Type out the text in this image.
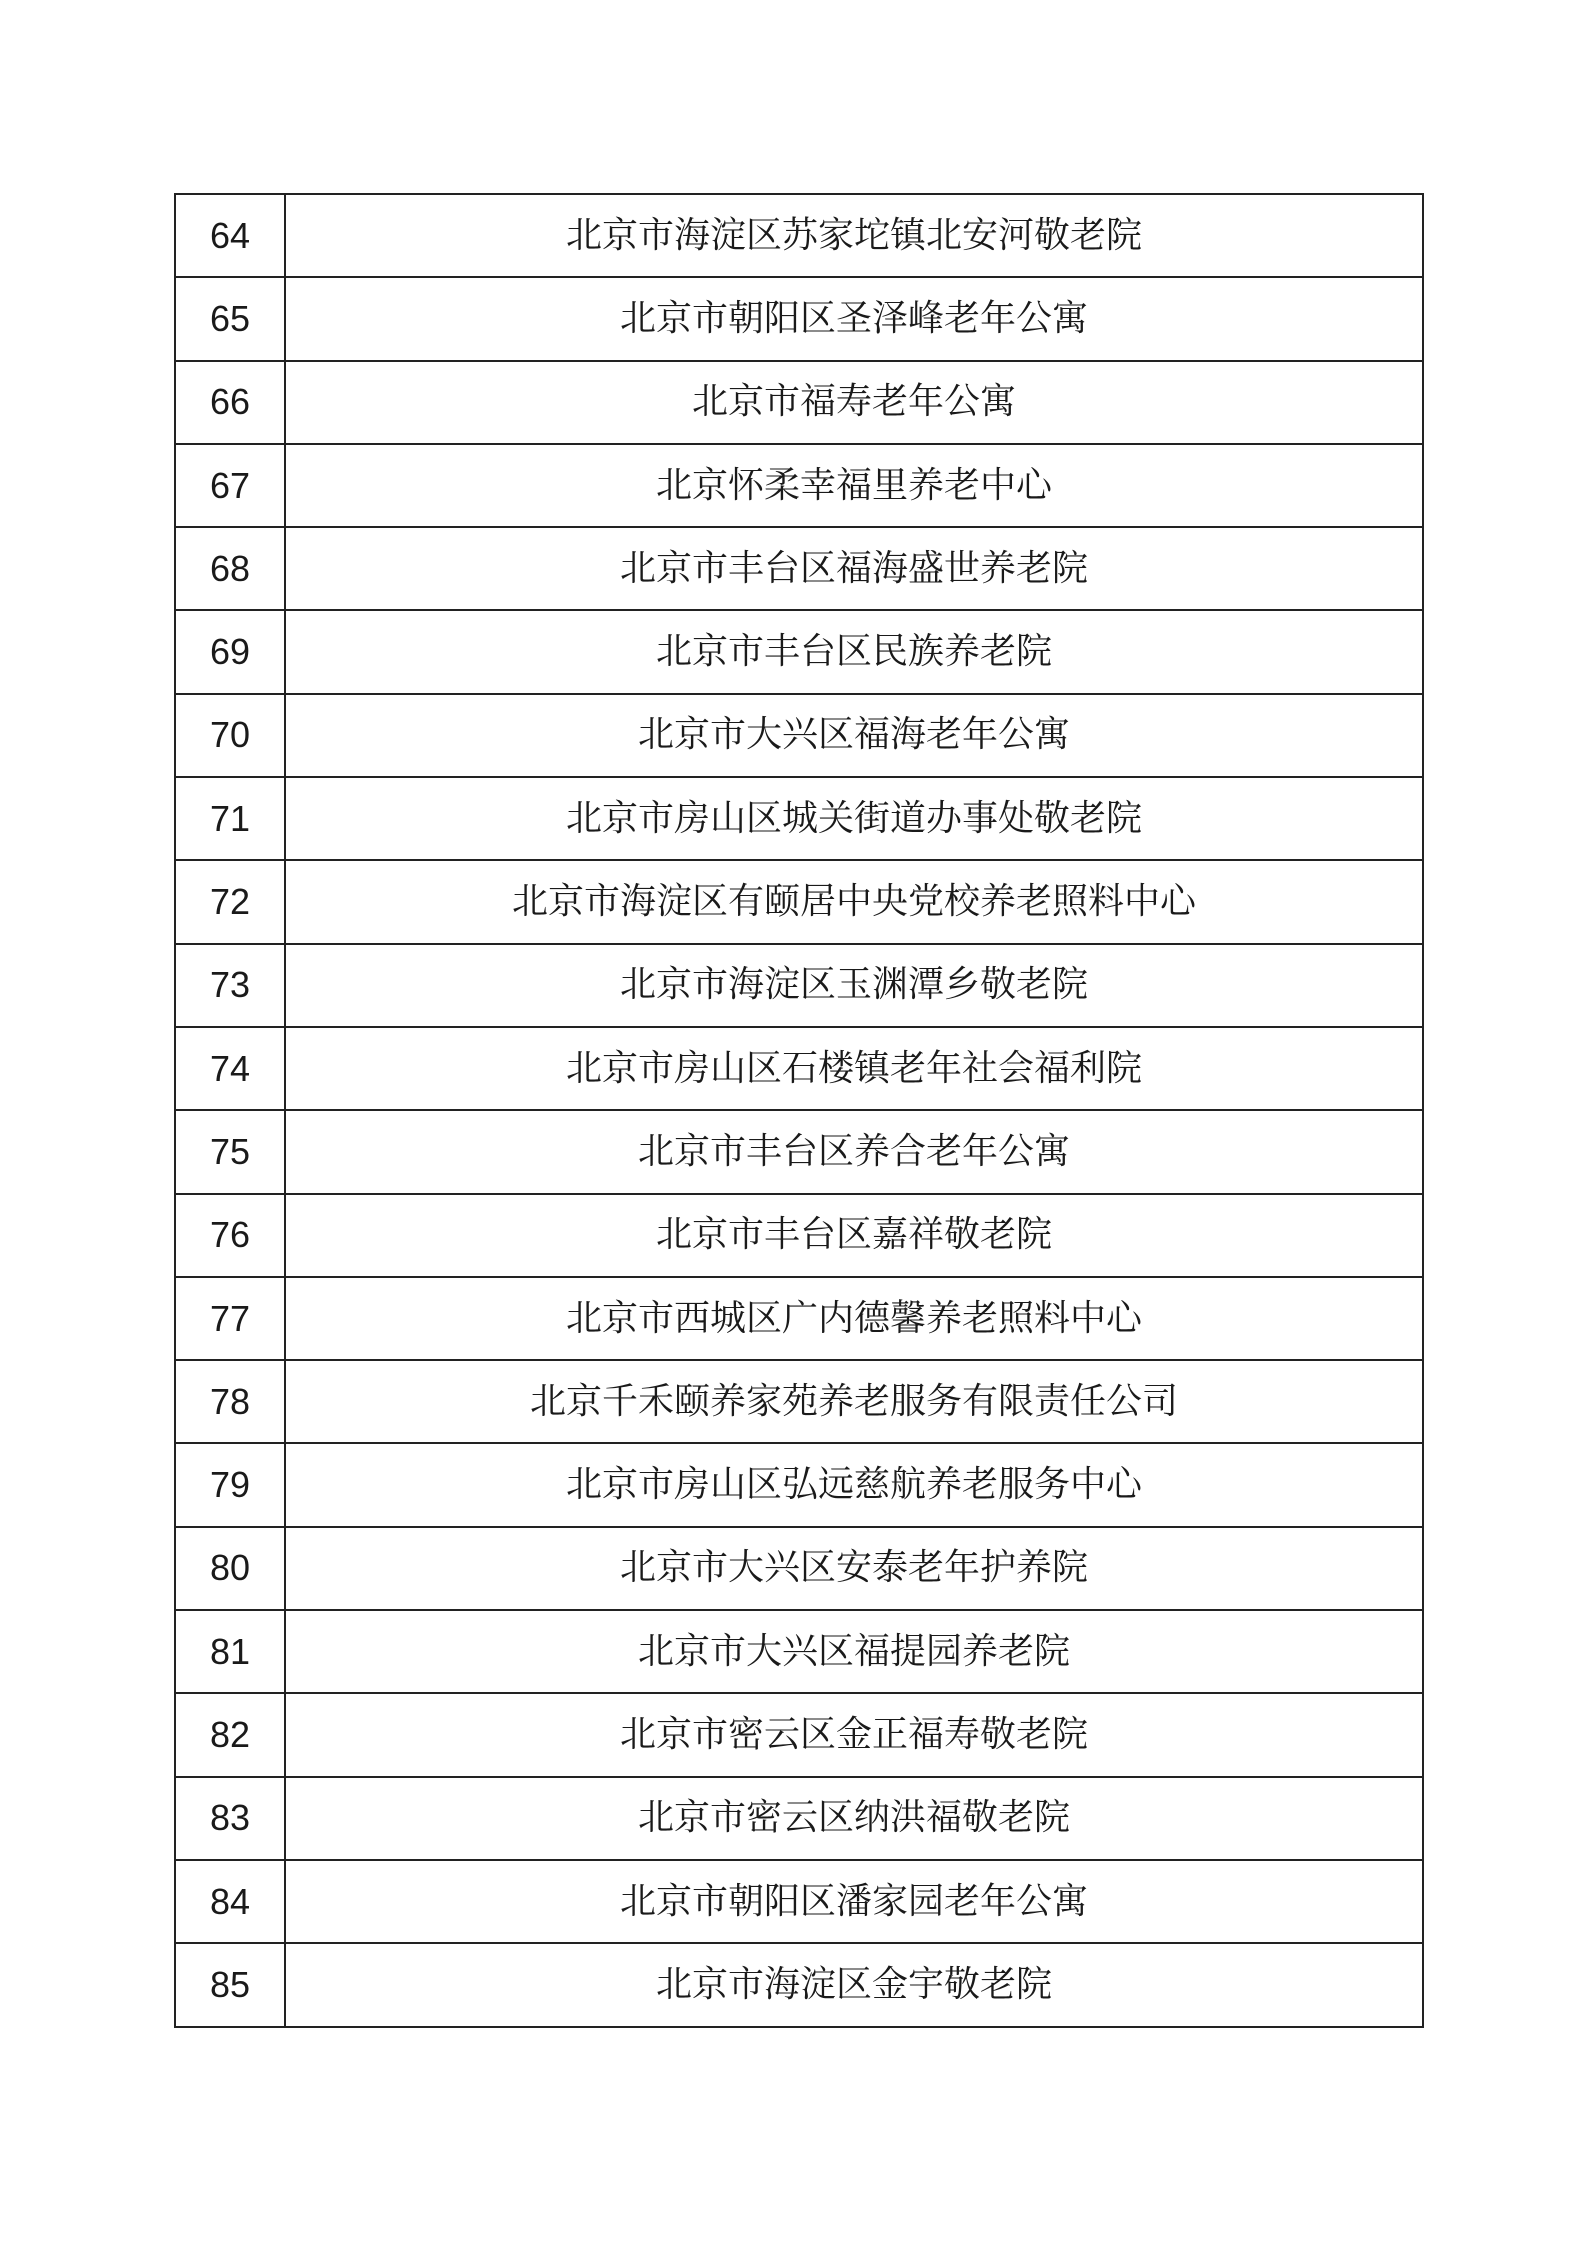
64	北京市海淀区苏家坨镇北安河敬老院
65	北京市朝阳区圣泽峰老年公寓
66	北京市福寿老年公寓
67	北京怀柔幸福里养老中心
68	北京市丰台区福海盛世养老院
69	北京市丰台区民族养老院
70	北京市大兴区福海老年公寓
71	北京市房山区城关街道办事处敬老院
72	北京市海淀区有颐居中央党校养老照料中心
73	北京市海淀区玉渊潭乡敬老院
74	北京市房山区石楼镇老年社会福利院
75	北京市丰台区养合老年公寓
76	北京市丰台区嘉祥敬老院
77	北京市西城区广内德馨养老照料中心
78	北京千禾颐养家苑养老服务有限责任公司
79	北京市房山区弘远慈航养老服务中心
80	北京市大兴区安泰老年护养院
81	北京市大兴区福提园养老院
82	北京市密云区金正福寿敬老院
83	北京市密云区纳洪福敬老院
84	北京市朝阳区潘家园老年公寓
85	北京市海淀区金宇敬老院
